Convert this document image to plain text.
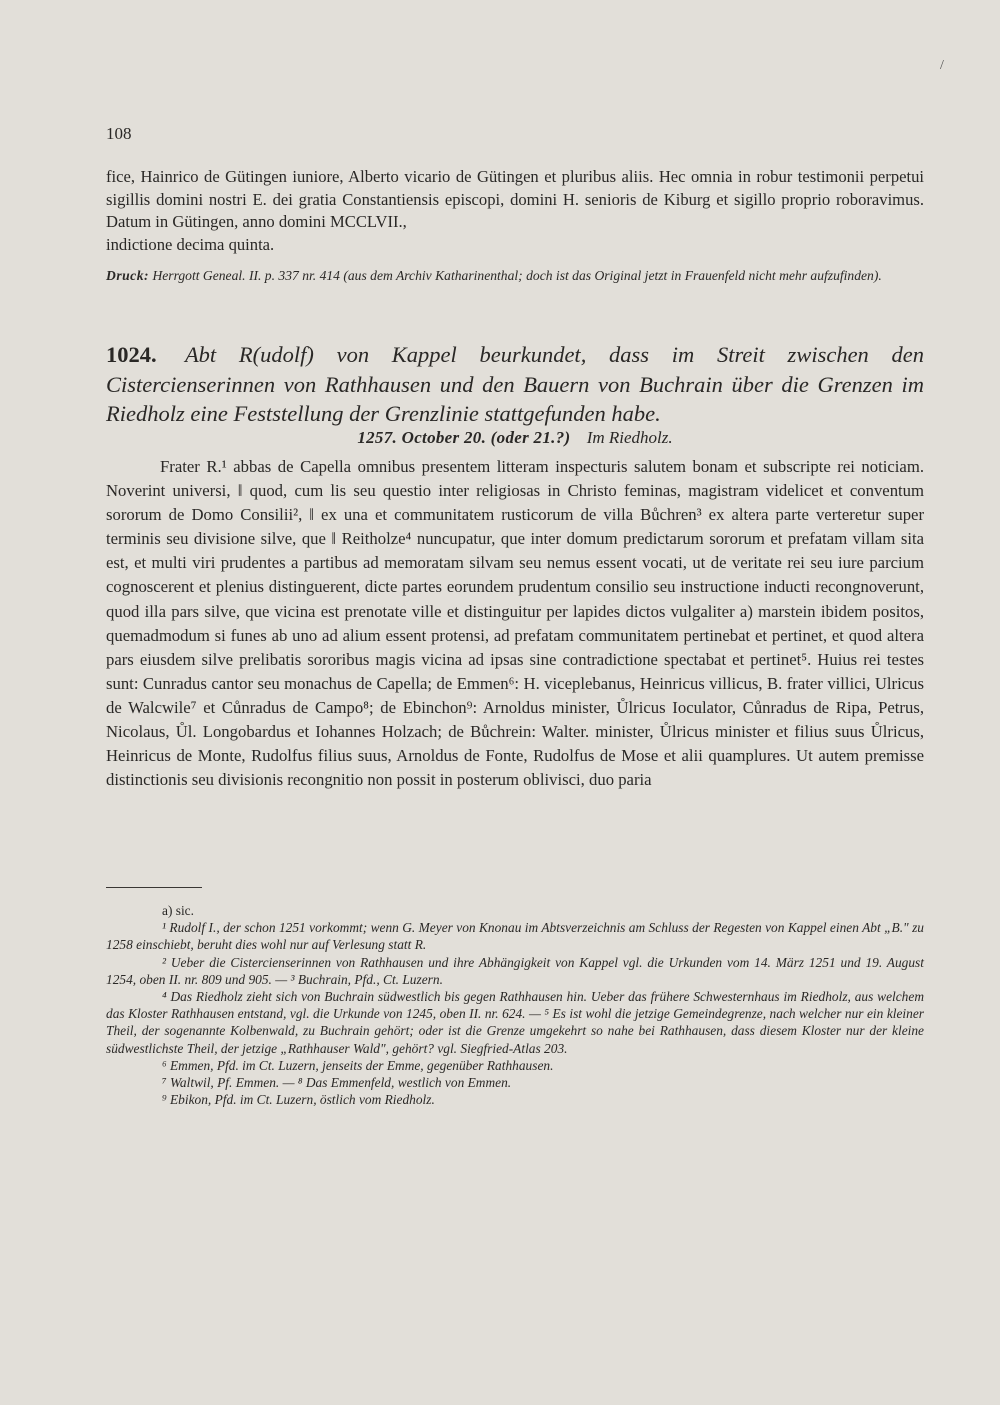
/
108
fice, Hainrico de Gütingen iuniore, Alberto vicario de Gütingen et pluribus aliis. Hec omnia in robur testimonii perpetui sigillis domini nostri E. dei gratia Constantiensis episcopi, domini H. senioris de Kiburg et sigillo proprio roboravimus. Datum in Gütingen, anno domini MCCLVII.,
indictione decima quinta.
Druck: Herrgott Geneal. II. p. 337 nr. 414 (aus dem Archiv Katharinenthal; doch ist das Original jetzt in Frauenfeld nicht mehr aufzufinden).
1024. Abt R(udolf) von Kappel beurkundet, dass im Streit zwischen den Cistercienserinnen von Rathhausen und den Bauern von Buchrain über die Grenzen im Riedholz eine Feststellung der Grenzlinie stattgefunden habe.
1257. October 20. (oder 21.?) Im Riedholz.

Frater R.¹ abbas de Capella omnibus presentem litteram inspecturis salutem bonam et subscripte rei noticiam. Noverint universi, ‖ quod, cum lis seu questio inter religiosas in Christo feminas, magistram videlicet et conventum sororum de Domo Consilii², ‖ ex una et communitatem rusticorum de villa Bůchren³ ex altera parte verteretur super terminis seu divisione silve, que ‖ Reitholze⁴ nuncupatur, que inter domum predictarum sororum et prefatam villam sita est, et multi viri prudentes a partibus ad memoratam silvam seu nemus essent vocati, ut de veritate rei seu iure parcium cognoscerent et plenius distinguerent, dicte partes eorundem prudentum consilio seu instructione inducti recongnoverunt, quod illa pars silve, que vicina est prenotate ville et distinguitur per lapides dictos vulgaliter a) marstein ibidem positos, quemadmodum si funes ab uno ad alium essent protensi, ad prefatam communitatem pertinebat et pertinet, et quod altera pars eiusdem silve prelibatis sororibus magis vicina ad ipsas sine contradictione spectabat et pertinet⁵. Huius rei testes sunt: Cunradus cantor seu monachus de Capella; de Emmen⁶: H. viceplebanus, Heinricus villicus, B. frater villici, Ulricus de Walcwile⁷ et Cůnradus de Campo⁸; de Ebinchon⁹: Arnoldus minister, Ůlricus Ioculator, Cůnradus de Ripa, Petrus, Nicolaus, Ůl. Longobardus et Iohannes Holzach; de Bůchrein: Walter. minister, Ůlricus minister et filius suus Ůlricus, Heinricus de Monte, Rudolfus filius suus, Arnoldus de Fonte, Rudolfus de Mose et alii quamplures. Ut autem premisse distinctionis seu divisionis recongnitio non possit in posterum oblivisci, duo paria

a) sic.

¹ Rudolf I., der schon 1251 vorkommt; wenn G. Meyer von Knonau im Abtsverzeichnis am Schluss der Regesten von Kappel einen Abt „B." zu 1258 einschiebt, beruht dies wohl nur auf Verlesung statt R.

² Ueber die Cistercienserinnen von Rathhausen und ihre Abhängigkeit von Kappel vgl. die Urkunden vom 14. März 1251 und 19. August 1254, oben II. nr. 809 und 905. — ³ Buchrain, Pfd., Ct. Luzern.

⁴ Das Riedholz zieht sich von Buchrain südwestlich bis gegen Rathhausen hin. Ueber das frühere Schwesternhaus im Riedholz, aus welchem das Kloster Rathhausen entstand, vgl. die Urkunde von 1245, oben II. nr. 624. — ⁵ Es ist wohl die jetzige Gemeindegrenze, nach welcher nur ein kleiner Theil, der sogenannte Kolbenwald, zu Buchrain gehört; oder ist die Grenze umgekehrt so nahe bei Rathhausen, dass diesem Kloster nur der kleine südwestlichste Theil, der jetzige „Rathhauser Wald", gehört? vgl. Siegfried-Atlas 203.

⁶ Emmen, Pfd. im Ct. Luzern, jenseits der Emme, gegenüber Rathhausen.

⁷ Waltwil, Pf. Emmen. — ⁸ Das Emmenfeld, westlich von Emmen.

⁹ Ebikon, Pfd. im Ct. Luzern, östlich vom Riedholz.
